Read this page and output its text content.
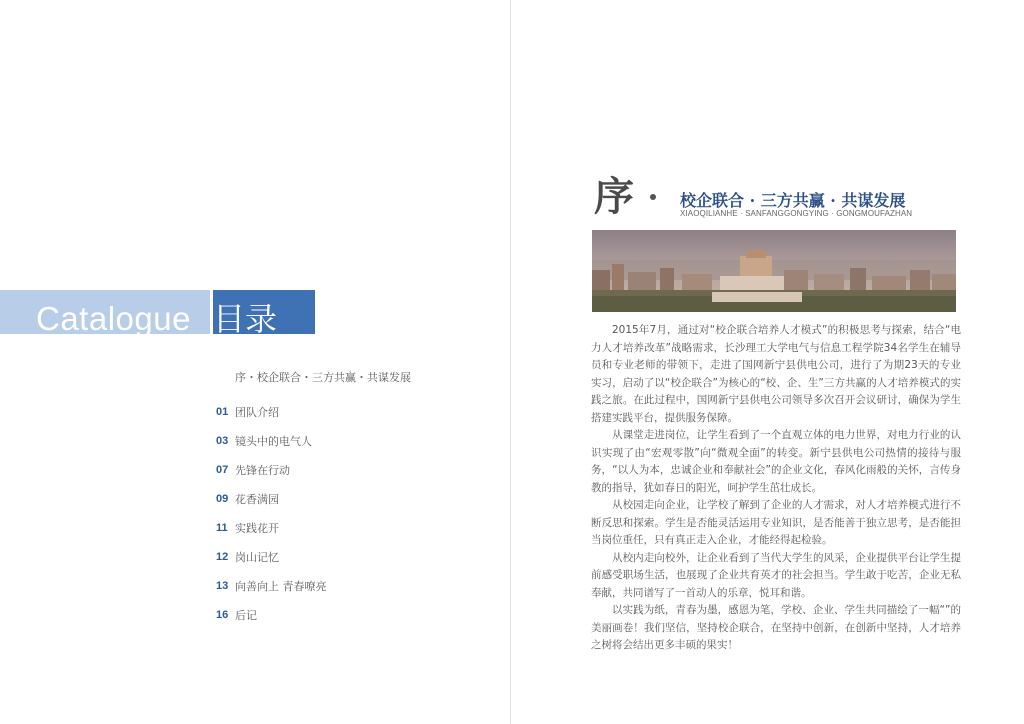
Catalogue 目录
序・校企联合・三方共赢・共谋发展
01 团队介绍
03 镜头中的电气人
07 先锋在行动
09 花香满园
11 实践花开
12 岗山记忆
13 向善向上 青春嘹亮
16 后记
序	校企联合 · 三方共赢 · 共谋发展
XIAOQILIANHE · SANFANGGONGYING · GONGMOUFAZHAN

2015年7月，通过对“校企联合培养人才模式”的积极思考与探索，结合“电力人才培养改革”战略需求，长沙理工大学电气与信息工程学院34名学生在辅导员和专业老师的带领下，走进了国网新宁县供电公司，进行了为期23天的专业实习，启动了以“校企联合”为核心的“校、企、生”三方共赢的人才培养模式的实践之旅。在此过程中，国网新宁县供电公司领导多次召开会议研讨，确保为学生搭建实践平台，提供服务保障。

从课堂走进岗位，让学生看到了一个直观立体的电力世界，对电力行业的认识实现了由“宏观零散”向“微观全面”的转变。新宁县供电公司热情的接待与服务，“以人为本，忠诚企业和奉献社会”的企业文化，春风化雨般的关怀，言传身教的指导，犹如春日的阳光，呵护学生茁壮成长。

从校园走向企业，让学校了解到了企业的人才需求，对人才培养模式进行不断反思和探索。学生是否能灵活运用专业知识，是否能善于独立思考，是否能担当岗位重任，只有真正走入企业，才能经得起检验。

从校内走向校外，让企业看到了当代大学生的风采，企业提供平台让学生提前感受职场生活，也展现了企业共育英才的社会担当。学生敢于吃苦，企业无私奉献，共同谱写了一首动人的乐章，悦耳和谐。

以实践为纸，青春为墨，感恩为笔，学校、企业、学生共同描绘了一幅“”的美丽画卷！我们坚信，坚持校企联合，在坚持中创新，在创新中坚持，人才培养之树将会结出更多丰硕的果实！
